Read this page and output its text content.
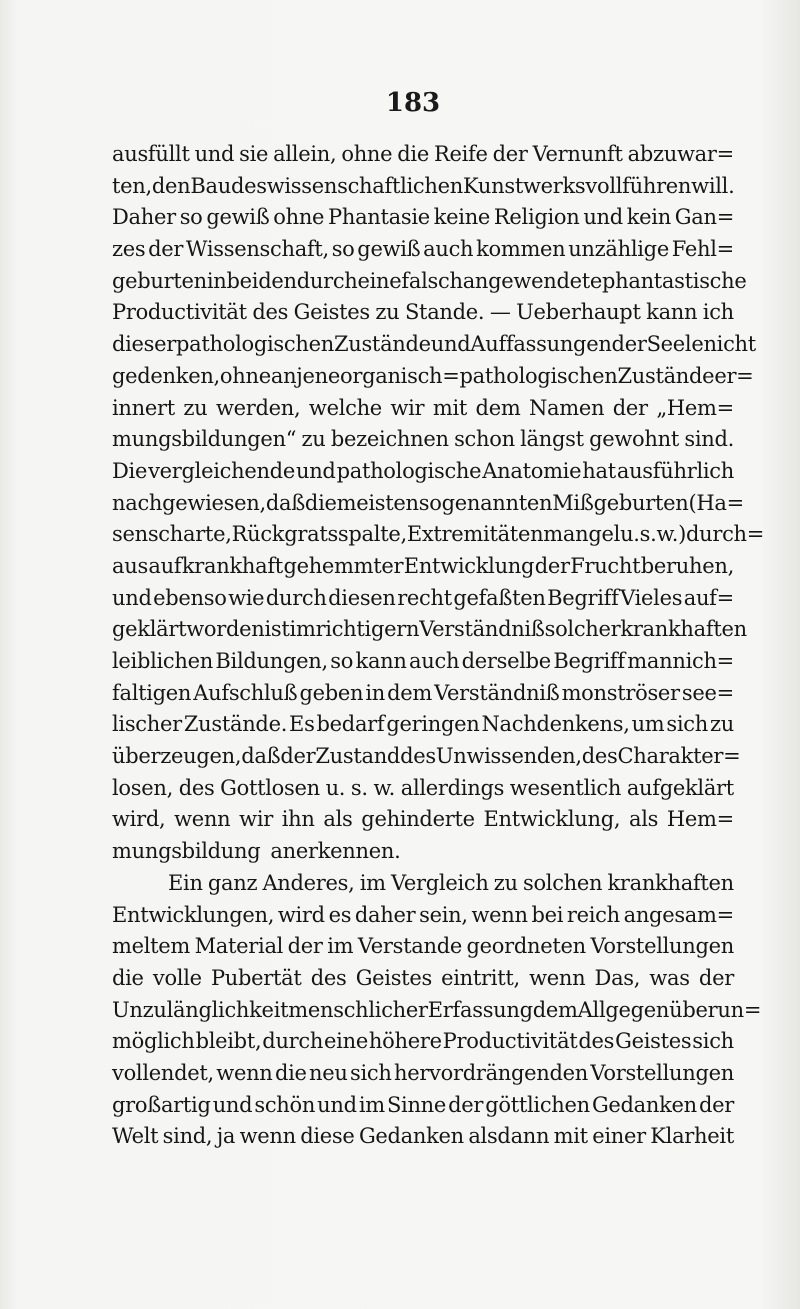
183
ausfüllt und sie allein, ohne die Reife der Vernunft abzuwar=
ten, den Bau des wissenschaftlichen Kunstwerks vollführen will.
Daher so gewiß ohne Phantasie keine Religion und kein Gan=
zes der Wissenschaft, so gewiß auch kommen unzählige Fehl=
geburten in beiden durch eine falsch angewendete phantastische
Productivität des Geistes zu Stande. — Ueberhaupt kann ich
dieser pathologischen Zustände und Auffassungen der Seele nicht
gedenken, ohne an jene organisch=pathologischen Zustände er=
innert zu werden, welche wir mit dem Namen der „Hem=
mungsbildungen“ zu bezeichnen schon längst gewohnt sind.
Die vergleichende und pathologische Anatomie hat ausführlich
nachgewiesen, daß die meisten sogenannten Mißgeburten (Ha=
senscharte, Rückgratsspalte, Extremitätenmangel u. s. w.) durch=
aus auf krankhaft gehemmter Entwicklung der Frucht beruhen,
und ebenso wie durch diesen recht gefaßten Begriff Vieles auf=
geklärt worden ist im richtigern Verständniß solcher krankhaften
leiblichen Bildungen, so kann auch derselbe Begriff mannich=
faltigen Aufschluß geben in dem Verständniß monströser see=
lischer Zustände. Es bedarf geringen Nachdenkens, um sich zu
überzeugen, daß der Zustand des Unwissenden, des Charakter=
losen, des Gottlosen u. s. w. allerdings wesentlich aufgeklärt
wird, wenn wir ihn als gehinderte Entwicklung, als Hem=
mungsbildung anerkennen.
Ein ganz Anderes, im Vergleich zu solchen krankhaften
Entwicklungen, wird es daher sein, wenn bei reich angesam=
meltem Material der im Verstande geordneten Vorstellungen
die volle Pubertät des Geistes eintritt, wenn Das, was der
Unzulänglichkeit menschlicher Erfassung dem All gegenüber un=
möglich bleibt, durch eine höhere Productivität des Geistes sich
vollendet, wenn die neu sich hervordrängenden Vorstellungen
großartig und schön und im Sinne der göttlichen Gedanken der
Welt sind, ja wenn diese Gedanken alsdann mit einer Klarheit
